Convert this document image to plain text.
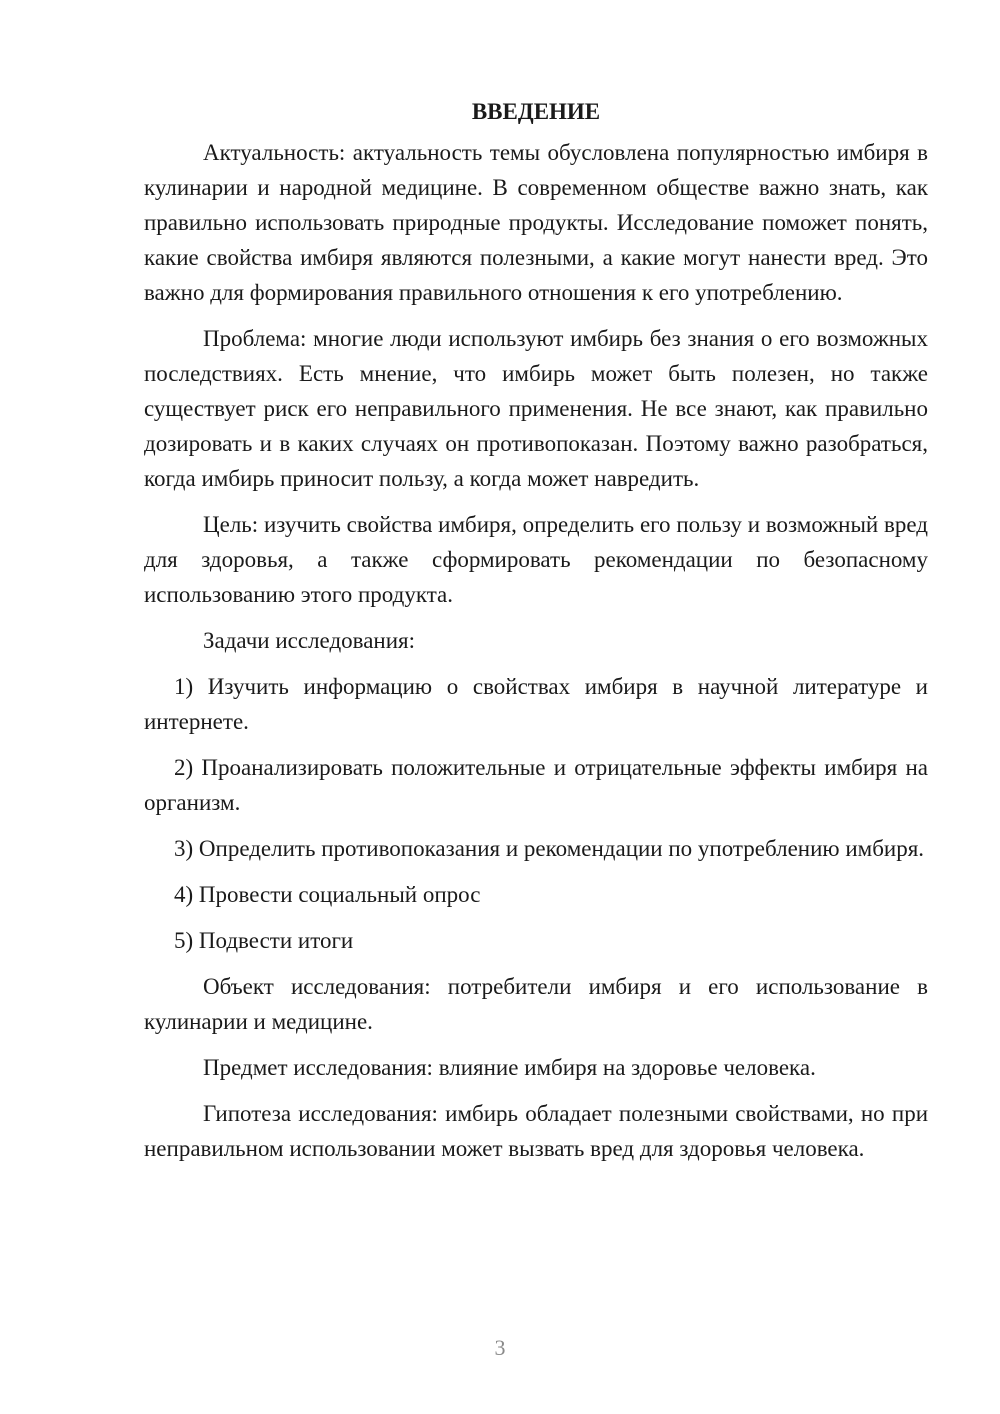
ВВЕДЕНИЕ

Актуальность: актуальность темы обусловлена популярностью имбиря в кулинарии и народной медицине. В современном обществе важно знать, как правильно использовать природные продукты. Исследование поможет понять, какие свойства имбиря являются полезными, а какие могут нанести вред. Это важно для формирования правильного отношения к его употреблению.

Проблема: многие люди используют имбирь без знания о его возможных последствиях. Есть мнение, что имбирь может быть полезен, но также существует риск его неправильного применения. Не все знают, как правильно дозировать и в каких случаях он противопоказан. Поэтому важно разобраться, когда имбирь приносит пользу, а когда может навредить.

Цель: изучить свойства имбиря, определить его пользу и возможный вред для здоровья, а также сформировать рекомендации по безопасному использованию этого продукта.

Задачи исследования:

1) Изучить информацию о свойствах имбиря в научной литературе и интернете.

2) Проанализировать положительные и отрицательные эффекты имбиря на организм.

3) Определить противопоказания и рекомендации по употреблению имбиря.

4) Провести социальный опрос

5) Подвести итоги

Объект исследования: потребители имбиря и его использование в кулинарии и медицине.

Предмет исследования: влияние имбиря на здоровье человека.

Гипотеза исследования: имбирь обладает полезными свойствами, но при неправильном использовании может вызвать вред для здоровья человека.

3
